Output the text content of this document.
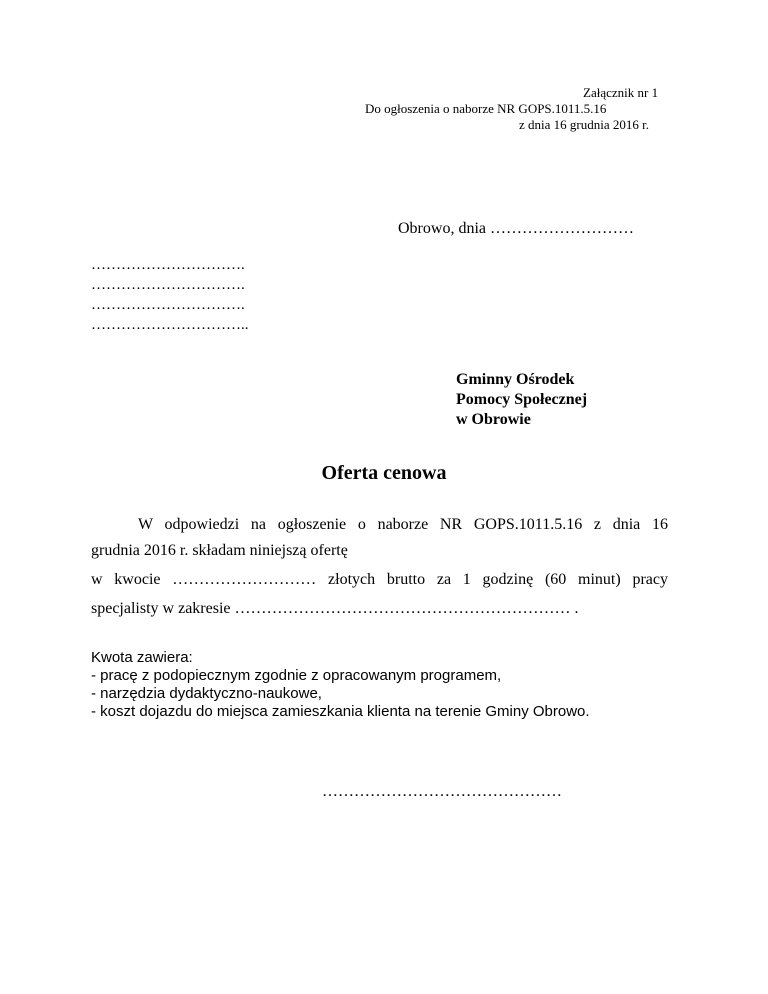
Załącznik nr 1
Do ogłoszenia o naborze NR GOPS.1011.5.16
z dnia 16 grudnia 2016 r.
Obrowo, dnia ………………………
………………………….
………………………….
………………………….
…………………………..
Gminny Ośrodek
Pomocy Społecznej
w Obrowie
Oferta cenowa
W odpowiedzi na ogłoszenie o naborze NR GOPS.1011.5.16 z dnia 16
grudnia 2016 r. składam niniejszą ofertę
w kwocie ……………………… złotych brutto za 1 godzinę (60 minut) pracy
specjalisty w zakresie ……………………………………………………… .
Kwota zawiera:
- pracę z podopiecznym zgodnie z opracowanym programem,
- narzędzia dydaktyczno-naukowe,
- koszt dojazdu do miejsca zamieszkania klienta na terenie Gminy Obrowo.
………………………………………
